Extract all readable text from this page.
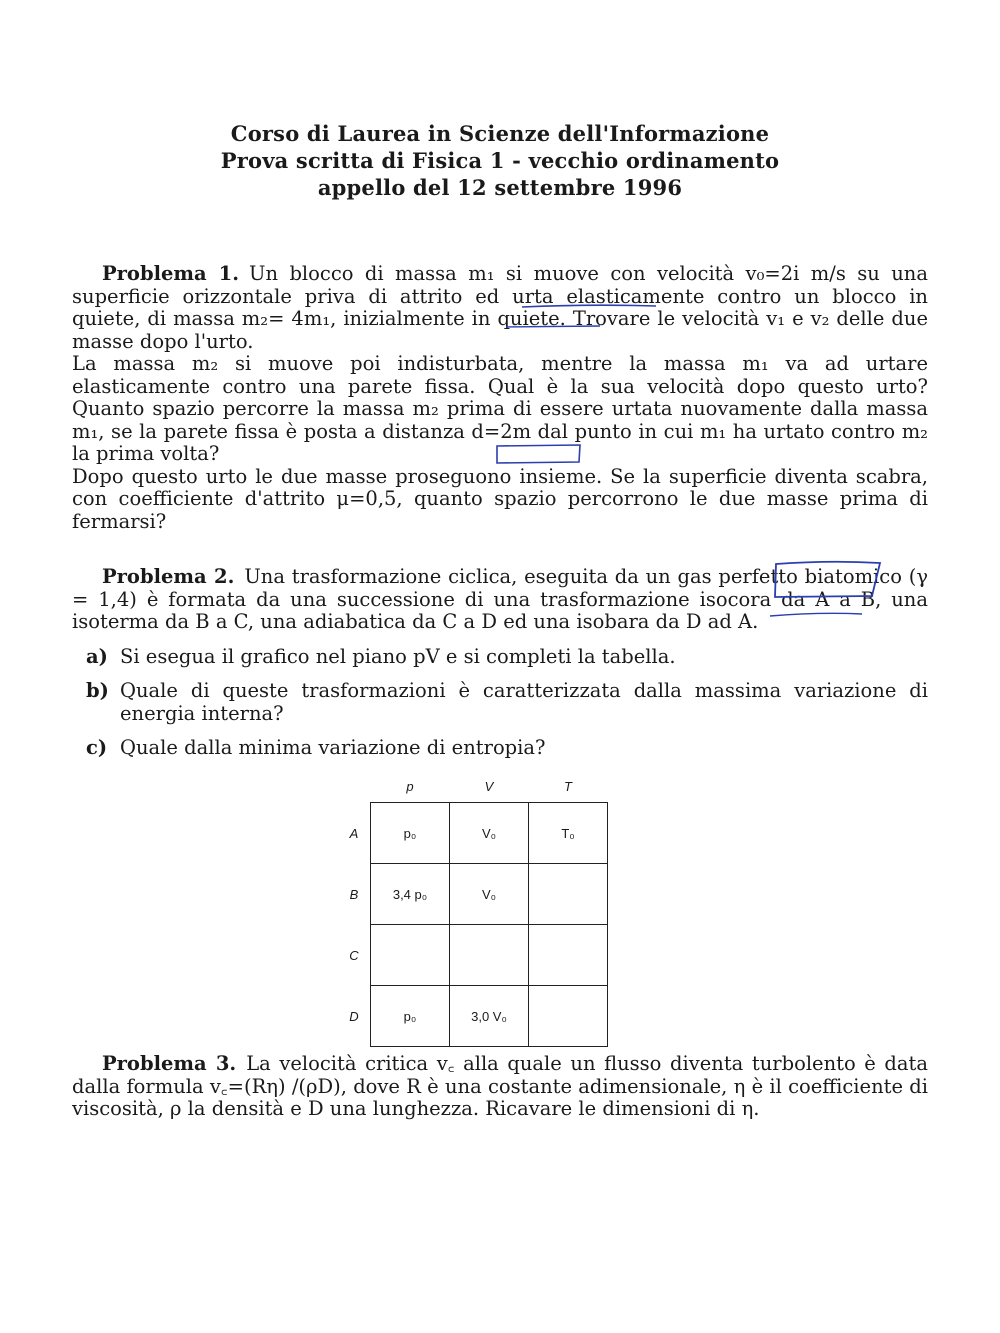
Corso di Laurea in Scienze dell'Informazione
Prova scritta di Fisica 1 - vecchio ordinamento
appello del 12 settembre 1996

Problema 1. Un blocco di massa m₁ si muove con velocità v₀=2i m/s su una superficie orizzontale priva di attrito ed urta elasticamente contro un blocco in quiete, di massa m₂= 4m₁, inizialmente in quiete. Trovare le velocità v₁ e v₂ delle due masse dopo l'urto.

La massa m₂ si muove poi indisturbata, mentre la massa m₁ va ad urtare elasticamente contro una parete fissa. Qual è la sua velocità dopo questo urto? Quanto spazio percorre la massa m₂ prima di essere urtata nuovamente dalla massa m₁, se la parete fissa è posta a distanza d=2m dal punto in cui m₁ ha urtato contro m₂ la prima volta?

Dopo questo urto le due masse proseguono insieme. Se la superficie diventa scabra, con coefficiente d'attrito μ=0,5, quanto spazio percorrono le due masse prima di fermarsi?

Problema 2. Una trasformazione ciclica, eseguita da un gas perfetto biatomico (γ = 1,4) è formata da una successione di una trasformazione isocora da A a B, una isoterma da B a C, una adiabatica da C a D ed una isobara da D ad A.

a) Si esegua il grafico nel piano pV e si completi la tabella.
b) Quale di queste trasformazioni è caratterizzata dalla massima variazione di energia interna?
c) Quale dalla minima variazione di entropia?
	p	V	T
A	p₀	V₀	T₀
B	3,4 p₀	V₀	
C			
D	p₀	3,0 V₀	

Problema 3. La velocità critica v꜀ alla quale un flusso diventa turbolento è data dalla formula v꜀=(Rη) /(ρD), dove R è una costante adimensionale, η è il coefficiente di viscosità, ρ la densità e D una lunghezza. Ricavare le dimensioni di η.
